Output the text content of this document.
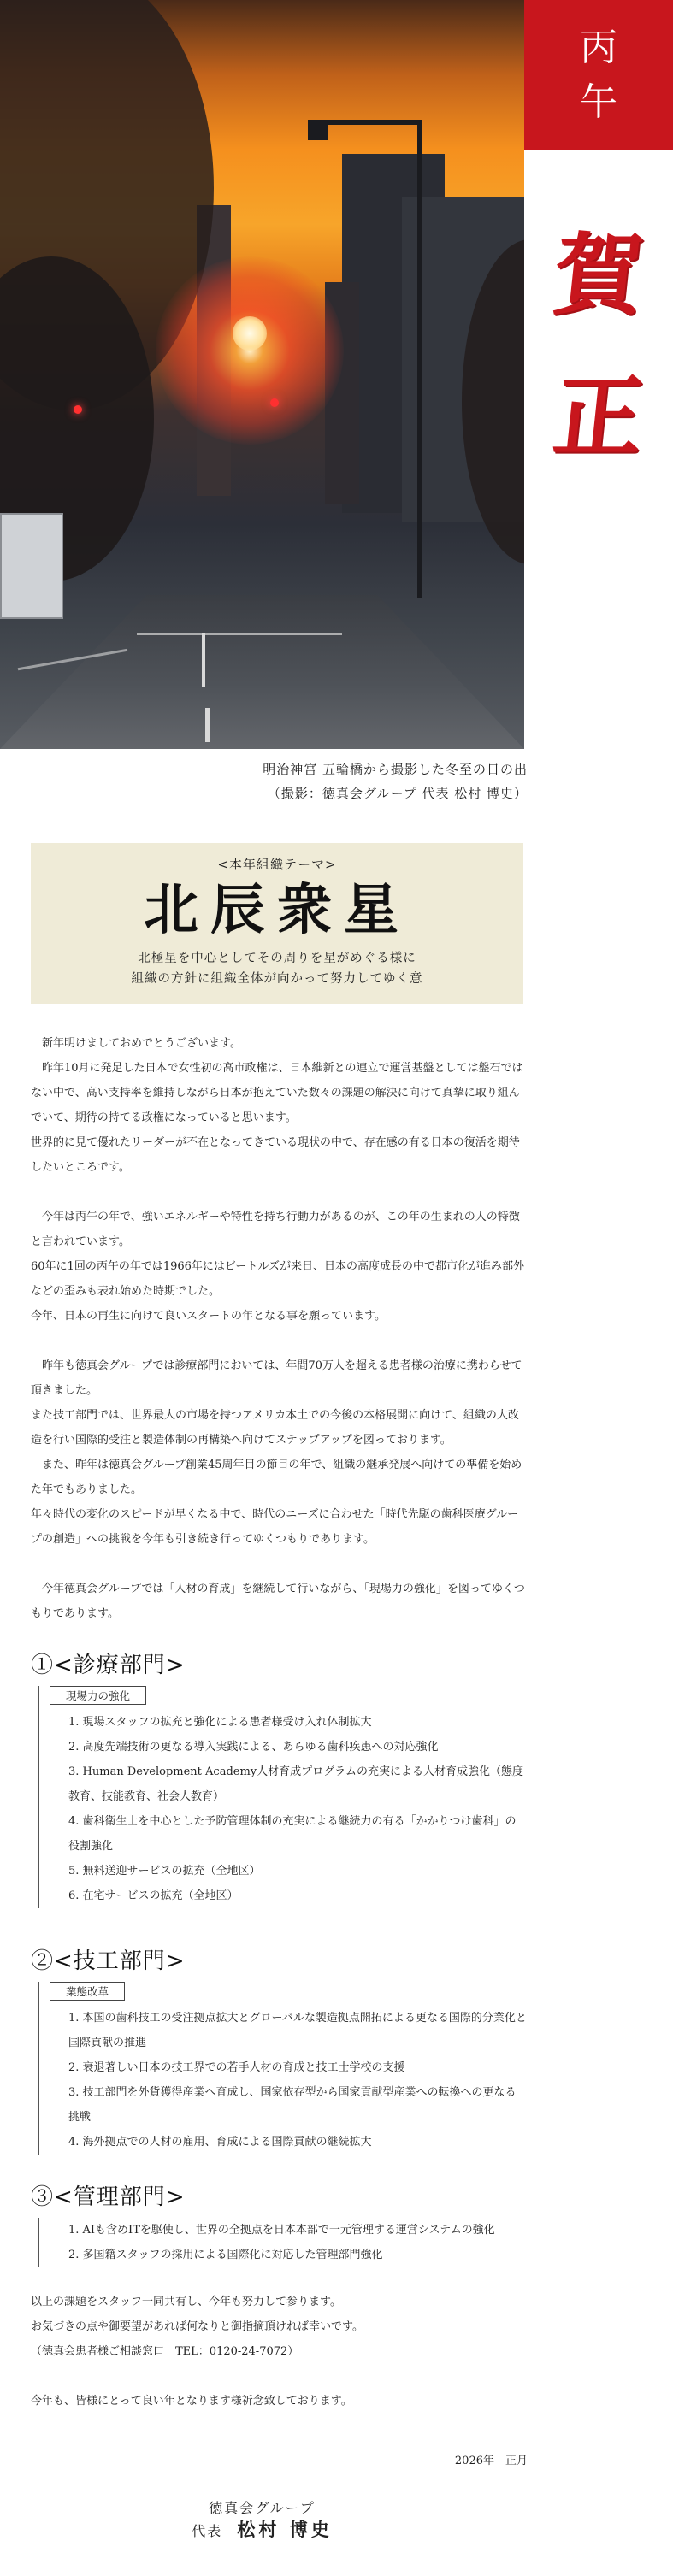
丙
午
賀
正
明治神宮 五輪橋から撮影した冬至の日の出
（撮影：徳真会グループ 代表 松村 博史）
<本年組織テーマ>
北辰衆星
北極星を中心としてその周りを星がめぐる様に
組織の方針に組織全体が向かって努力してゆく意

新年明けましておめでとうございます。

昨年10月に発足した日本で女性初の高市政権は、日本維新との連立で運営基盤としては盤石ではない中で、高い支持率を維持しながら日本が抱えていた数々の課題の解決に向けて真摯に取り組んでいて、期待の持てる政権になっていると思います。

世界的に見て優れたリーダーが不在となってきている現状の中で、存在感の有る日本の復活を期待したいところです。

今年は丙午の年で、強いエネルギーや特性を持ち行動力があるのが、この年の生まれの人の特徴と言われています。

60年に1回の丙午の年では1966年にはビートルズが来日、日本の高度成長の中で都市化が進み部外などの歪みも表れ始めた時期でした。

今年、日本の再生に向けて良いスタートの年となる事を願っています。

昨年も徳真会グループでは診療部門においては、年間70万人を超える患者様の治療に携わらせて頂きました。

また技工部門では、世界最大の市場を持つアメリカ本土での今後の本格展開に向けて、組織の大改造を行い国際的受注と製造体制の再構築へ向けてステップアップを図っております。

また、昨年は徳真会グループ創業45周年目の節目の年で、組織の継承発展へ向けての準備を始めた年でもありました。

年々時代の変化のスピードが早くなる中で、時代のニーズに合わせた「時代先駆の歯科医療グループの創造」への挑戦を今年も引き続き行ってゆくつもりであります。

今年徳真会グループでは「人材の育成」を継続して行いながら、「現場力の強化」を図ってゆくつもりであります。

①<診療部門>
現場力の強化
1. 現場スタッフの拡充と強化による患者様受け入れ体制拡大
2. 高度先端技術の更なる導入実践による、あらゆる歯科疾患への対応強化
3. Human Development Academy人材育成プログラムの充実による人材育成強化（態度教育、技能教育、社会人教育）
4. 歯科衛生士を中心とした予防管理体制の充実による継続力の有る「かかりつけ歯科」の役割強化
5. 無料送迎サービスの拡充（全地区）
6. 在宅サービスの拡充（全地区）
②<技工部門>
業態改革
1. 本国の歯科技工の受注拠点拡大とグローバルな製造拠点開拓による更なる国際的分業化と国際貢献の推進
2. 衰退著しい日本の技工界での若手人材の育成と技工士学校の支援
3. 技工部門を外貨獲得産業へ育成し、国家依存型から国家貢献型産業への転換への更なる挑戦
4. 海外拠点での人材の雇用、育成による国際貢献の継続拡大
③<管理部門>
1. AIも含めITを駆使し、世界の全拠点を日本本部で一元管理する運営システムの強化
2. 多国籍スタッフの採用による国際化に対応した管理部門強化

以上の課題をスタッフ一同共有し、今年も努力して参ります。

お気づきの点や御要望があれば何なりと御指摘頂ければ幸いです。

（徳真会患者様ご相談窓口　TEL：0120-24-7072）

今年も、皆様にとって良い年となります様祈念致しております。

2026年　正月
徳真会グループ
代表 松村 博史
